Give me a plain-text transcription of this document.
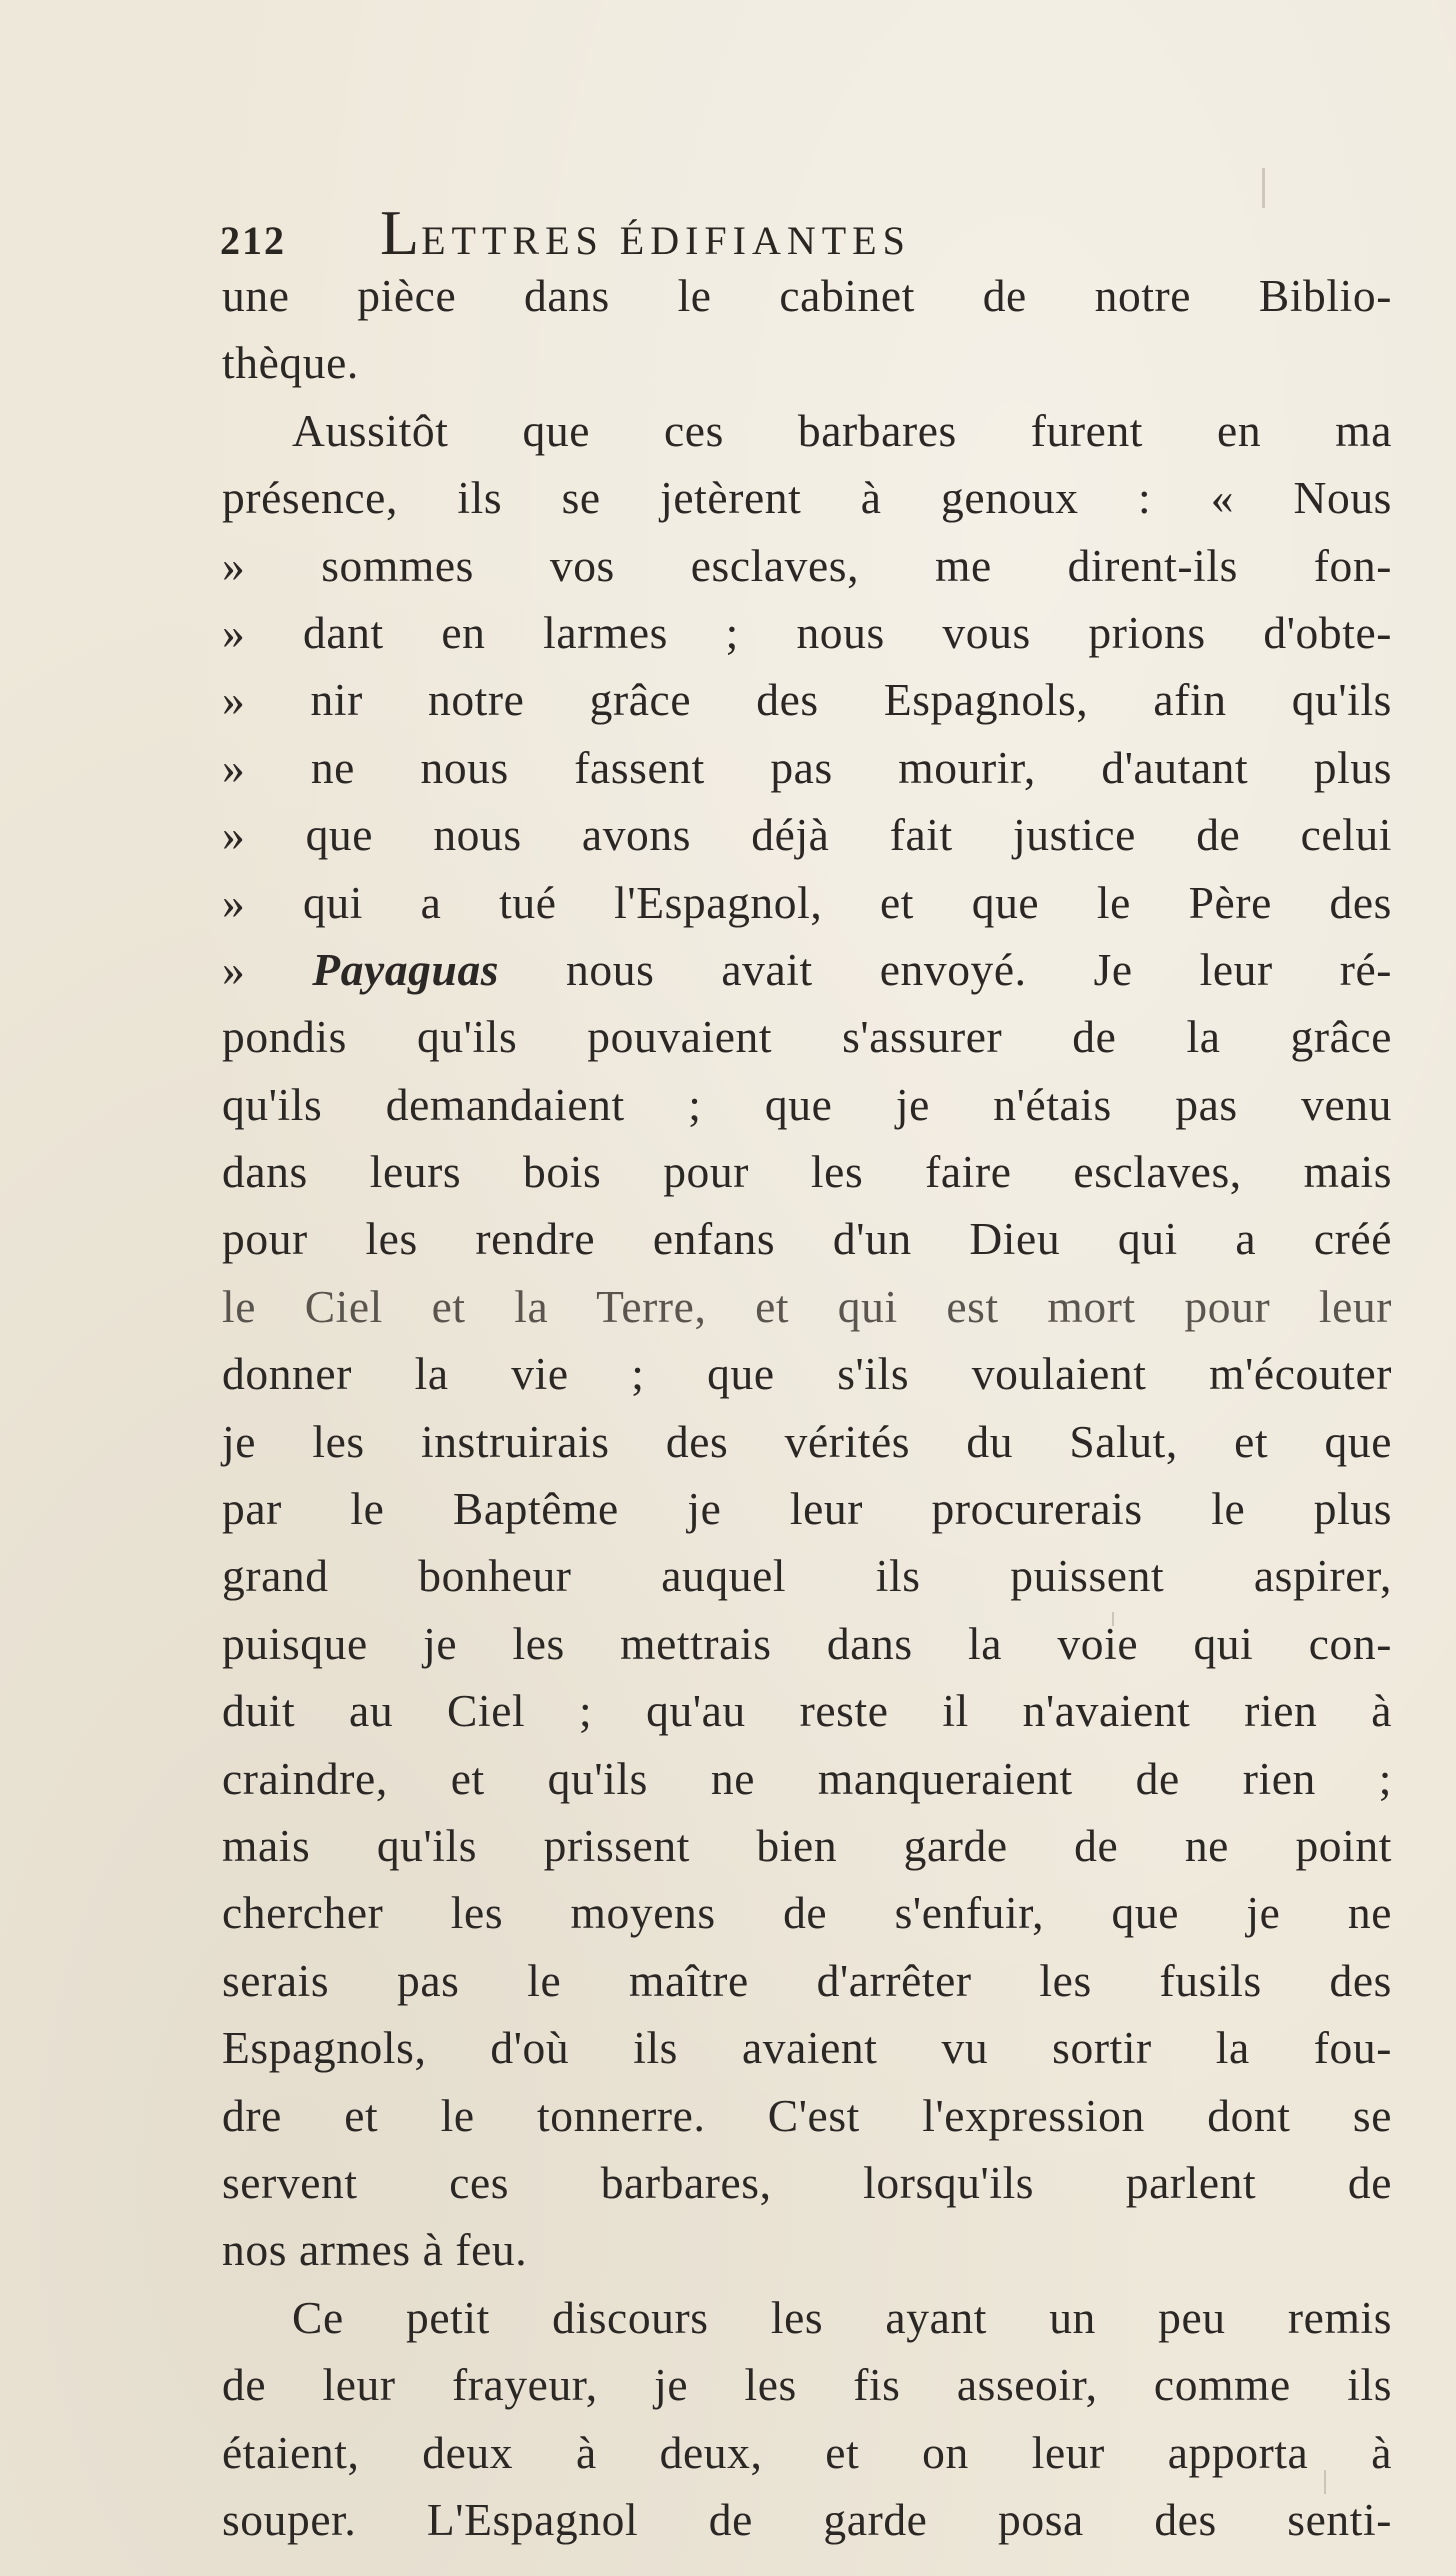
212	LETTRES ÉDIFIANTES
une pièce dans le cabinet de notre Biblio-
thèque.
Aussitôt que ces barbares furent en ma
présence, ils se jetèrent à genoux : « Nous
» sommes vos esclaves, me dirent-ils fon-
» dant en larmes ; nous vous prions d'obte-
» nir notre grâce des Espagnols, afin qu'ils
» ne nous fassent pas mourir, d'autant plus
» que nous avons déjà fait justice de celui
» qui a tué l'Espagnol, et que le Père des
» Payaguas nous avait envoyé. Je leur ré-
pondis qu'ils pouvaient s'assurer de la grâce
qu'ils demandaient ; que je n'étais pas venu
dans leurs bois pour les faire esclaves, mais
pour les rendre enfans d'un Dieu qui a créé
le Ciel et la Terre, et qui est mort pour leur
donner la vie ; que s'ils voulaient m'écouter
je les instruirais des vérités du Salut, et que
par le Baptême je leur procurerais le plus
grand bonheur auquel ils puissent aspirer,
puisque je les mettrais dans la voie qui con-
duit au Ciel ; qu'au reste il n'avaient rien à
craindre, et qu'ils ne manqueraient de rien ;
mais qu'ils prissent bien garde de ne point
chercher les moyens de s'enfuir, que je ne
serais pas le maître d'arrêter les fusils des
Espagnols, d'où ils avaient vu sortir la fou-
dre et le tonnerre. C'est l'expression dont se
servent ces barbares, lorsqu'ils parlent de
nos armes à feu.
Ce petit discours les ayant un peu remis
de leur frayeur, je les fis asseoir, comme ils
étaient, deux à deux, et on leur apporta à
souper. L'Espagnol de garde posa des senti-
